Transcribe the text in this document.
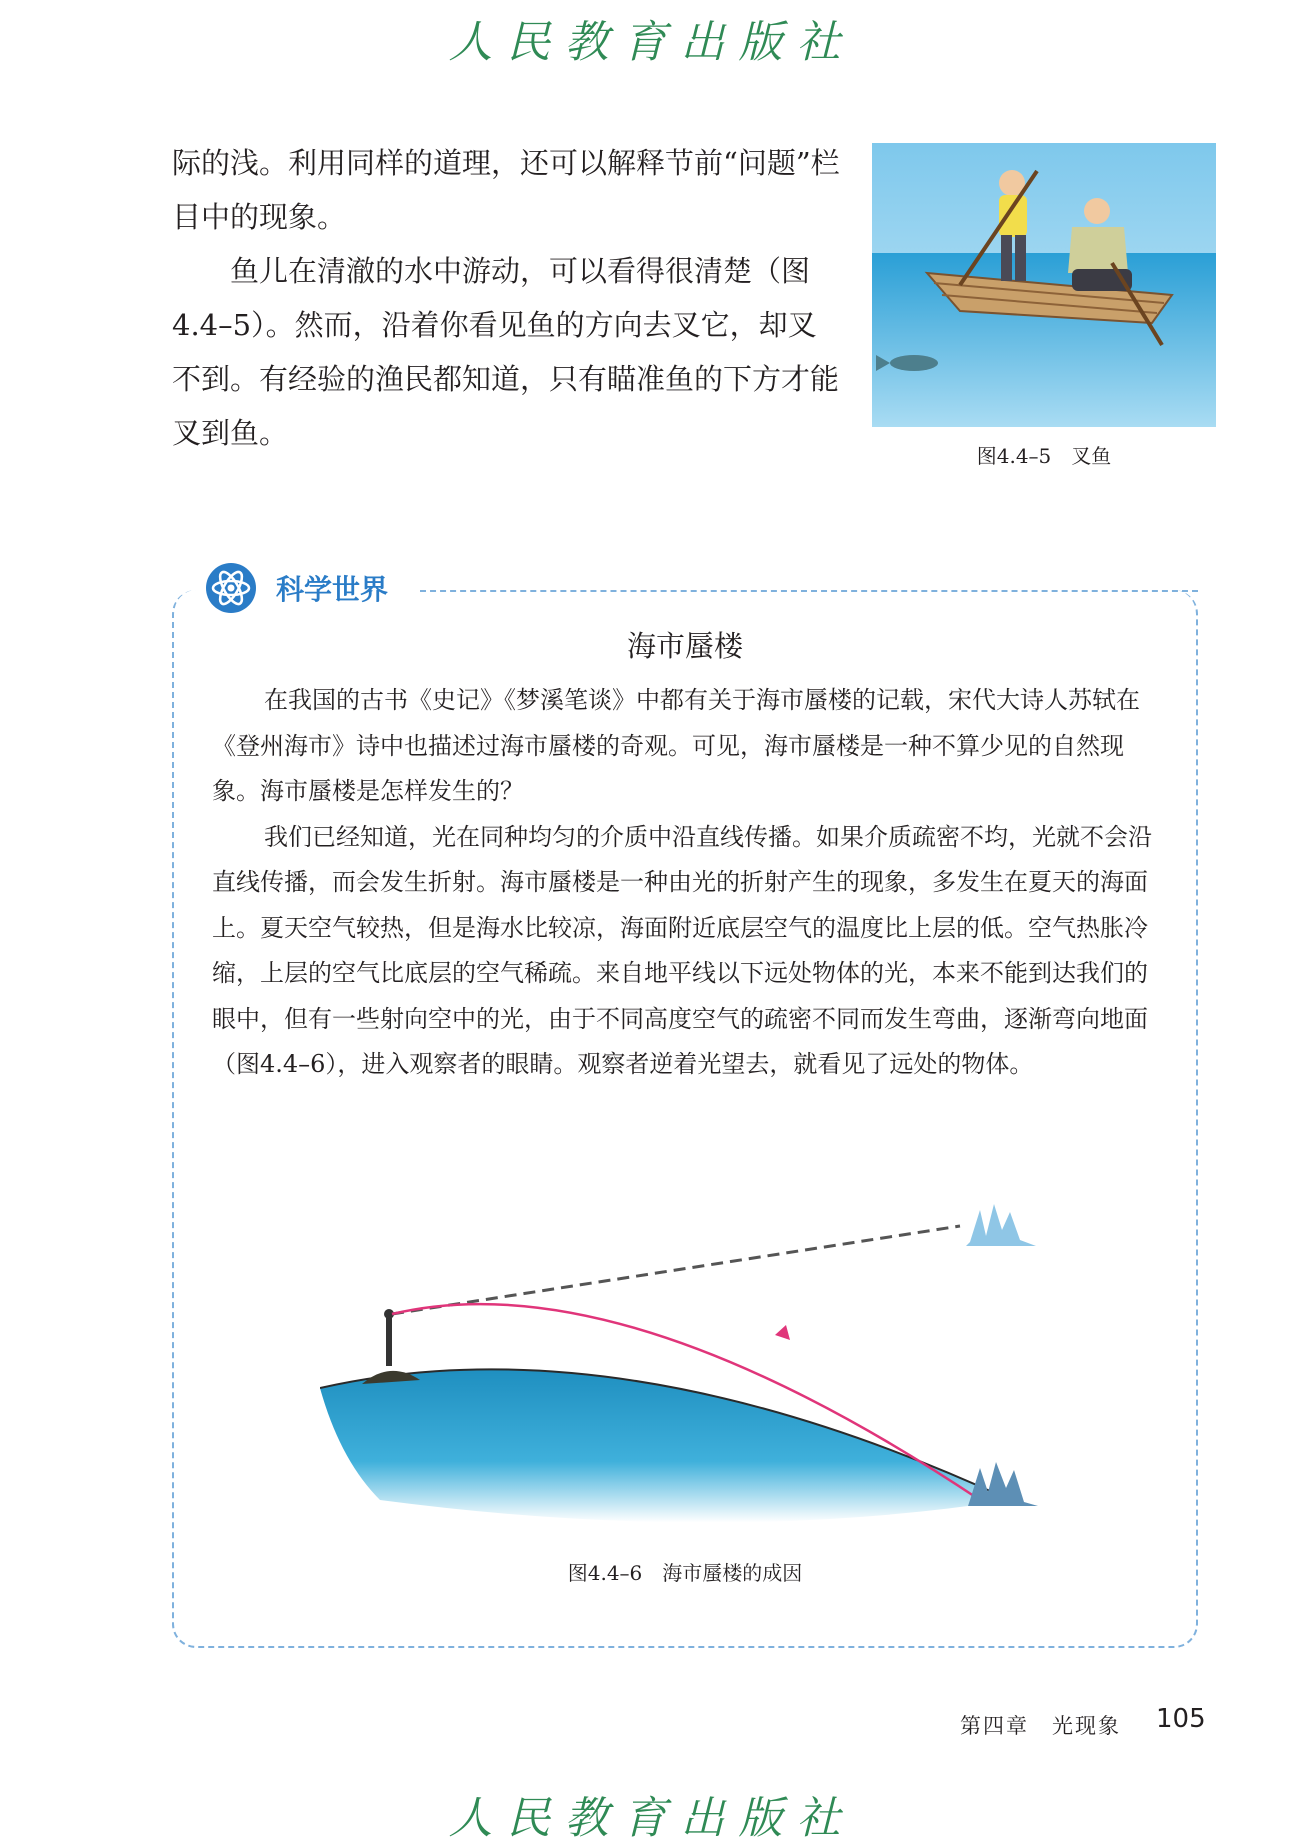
人民教育出版社

际的浅。利用同样的道理，还可以解释节前“问题”栏目中的现象。

鱼儿在清澈的水中游动，可以看得很清楚（图4.4–5）。然而，沿着你看见鱼的方向去叉它，却叉不到。有经验的渔民都知道，只有瞄准鱼的下方才能叉到鱼。

图4.4–5　叉鱼
科学世界
海市蜃楼

在我国的古书《史记》《梦溪笔谈》中都有关于海市蜃楼的记载，宋代大诗人苏轼在《登州海市》诗中也描述过海市蜃楼的奇观。可见，海市蜃楼是一种不算少见的自然现象。海市蜃楼是怎样发生的？

我们已经知道，光在同种均匀的介质中沿直线传播。如果介质疏密不均，光就不会沿直线传播，而会发生折射。海市蜃楼是一种由光的折射产生的现象，多发生在夏天的海面上。夏天空气较热，但是海水比较凉，海面附近底层空气的温度比上层的低。空气热胀冷缩，上层的空气比底层的空气稀疏。来自地平线以下远处物体的光，本来不能到达我们的眼中，但有一些射向空中的光，由于不同高度空气的疏密不同而发生弯曲，逐渐弯向地面（图4.4–6），进入观察者的眼睛。观察者逆着光望去，就看见了远处的物体。

图4.4–6　海市蜃楼的成因
第四章　光现象 105
人民教育出版社
